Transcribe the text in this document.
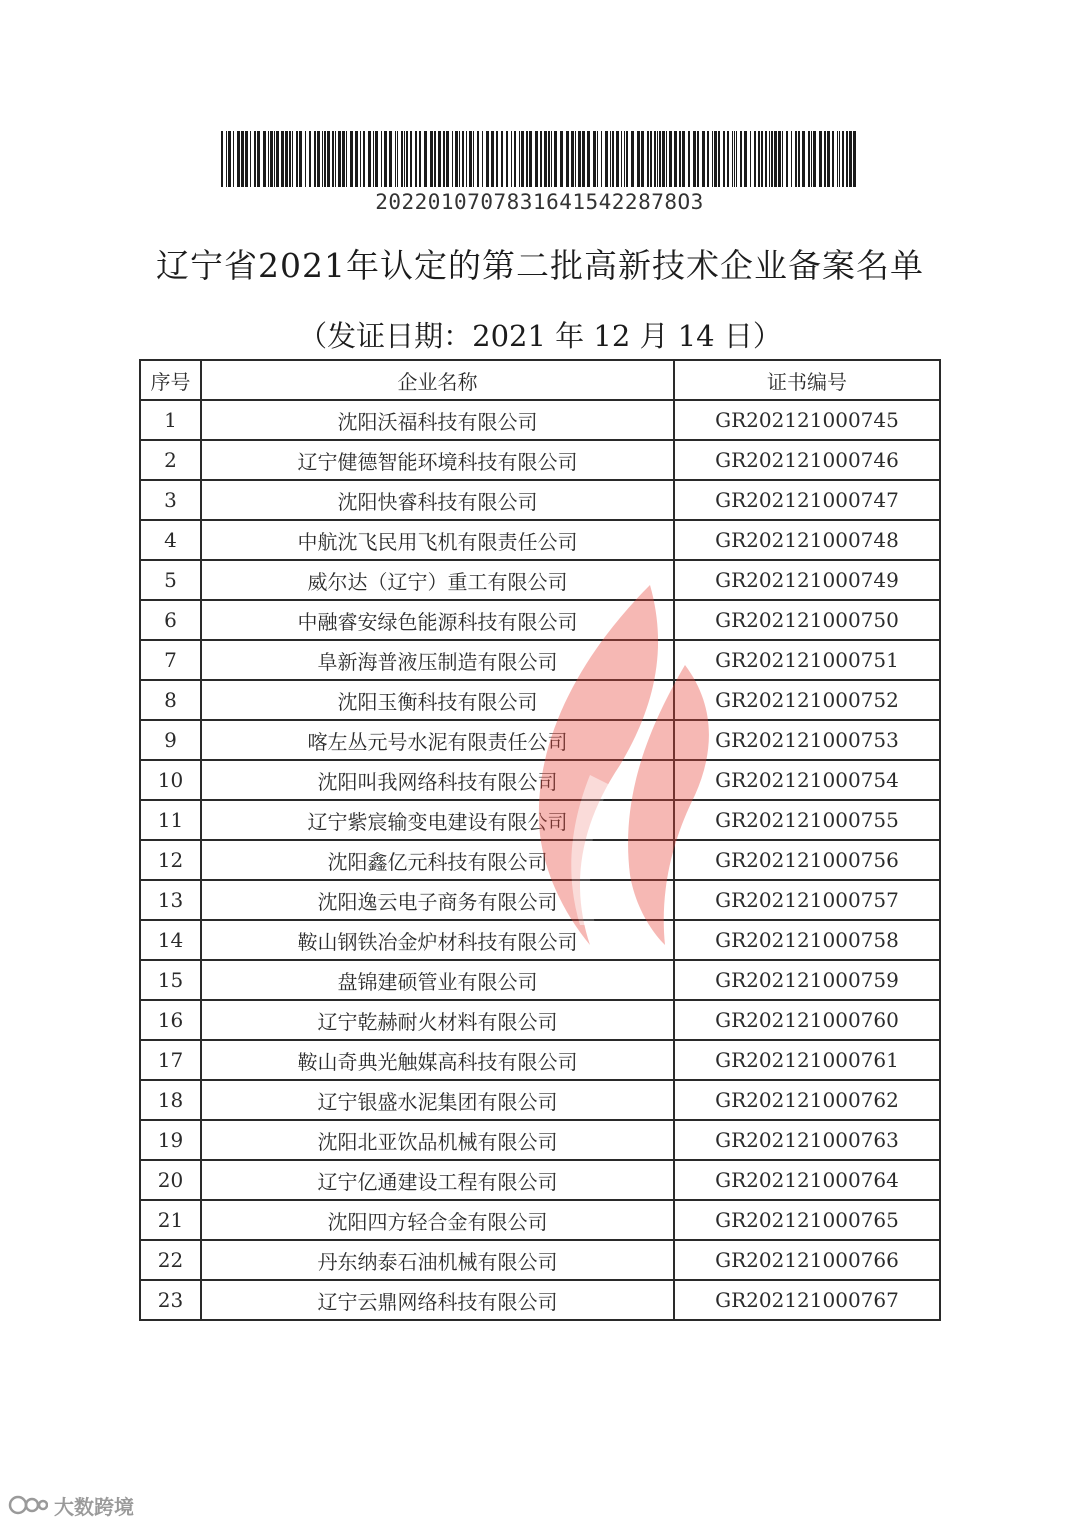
20220107078316415422878O3
辽宁省2021年认定的第二批高新技术企业备案名单
（发证日期：2021 年 12 月 14 日）
序号	企业名称	证书编号
1	沈阳沃福科技有限公司	GR202121000745
2	辽宁健德智能环境科技有限公司	GR202121000746
3	沈阳快睿科技有限公司	GR202121000747
4	中航沈飞民用飞机有限责任公司	GR202121000748
5	威尔达（辽宁）重工有限公司	GR202121000749
6	中融睿安绿色能源科技有限公司	GR202121000750
7	阜新海普液压制造有限公司	GR202121000751
8	沈阳玉衡科技有限公司	GR202121000752
9	喀左丛元号水泥有限责任公司	GR202121000753
10	沈阳叫我网络科技有限公司	GR202121000754
11	辽宁紫宸输变电建设有限公司	GR202121000755
12	沈阳鑫亿元科技有限公司	GR202121000756
13	沈阳逸云电子商务有限公司	GR202121000757
14	鞍山钢铁冶金炉材科技有限公司	GR202121000758
15	盘锦建硕管业有限公司	GR202121000759
16	辽宁乾赫耐火材料有限公司	GR202121000760
17	鞍山奇典光触媒高科技有限公司	GR202121000761
18	辽宁银盛水泥集团有限公司	GR202121000762
19	沈阳北亚饮品机械有限公司	GR202121000763
20	辽宁亿通建设工程有限公司	GR202121000764
21	沈阳四方轻合金有限公司	GR202121000765
22	丹东纳泰石油机械有限公司	GR202121000766
23	辽宁云鼎网络科技有限公司	GR202121000767
大数跨境
